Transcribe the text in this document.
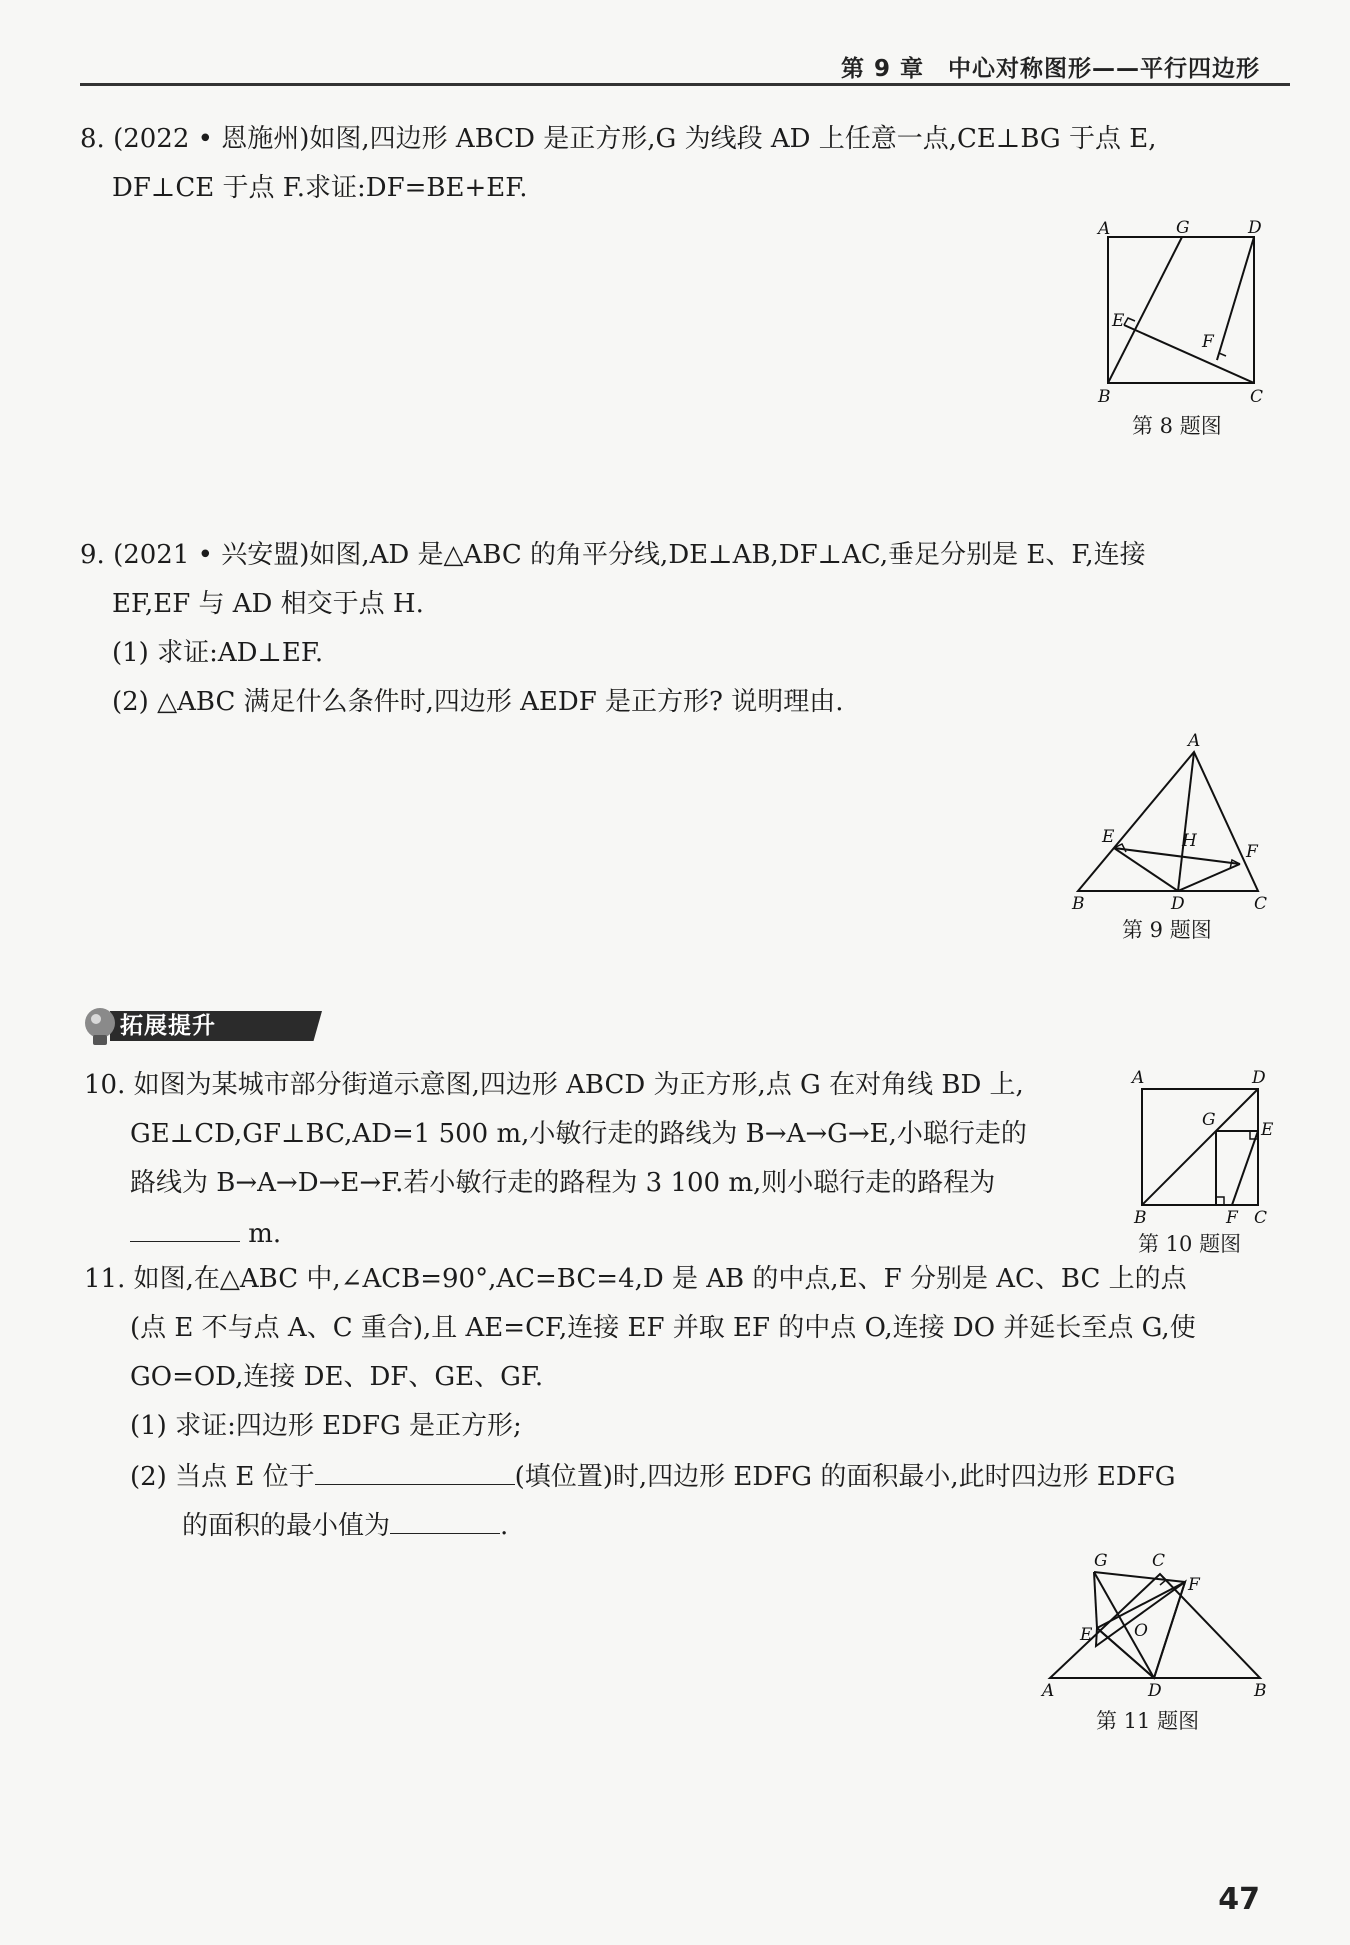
第 9 章　中心对称图形——平行四边形
8. (2022 • 恩施州)如图,四边形 ABCD 是正方形,G 为线段 AD 上任意一点,CE⊥BG 于点 E,
DF⊥CE 于点 F.求证:DF=BE+EF.
A	G	D
E
F
B	C
第 8 题图
9. (2021 • 兴安盟)如图,AD 是△ABC 的角平分线,DE⊥AB,DF⊥AC,垂足分别是 E、F,连接
EF,EF 与 AD 相交于点 H.
(1) 求证:AD⊥EF.
(2) △ABC 满足什么条件时,四边形 AEDF 是正方形? 说明理由.
A
E	H
F
B	D	C
第 9 题图
拓展提升
10. 如图为某城市部分街道示意图,四边形 ABCD 为正方形,点 G 在对角线 BD 上,
GE⊥CD,GF⊥BC,AD=1 500 m,小敏行走的路线为 B→A→G→E,小聪行走的
路线为 B→A→D→E→F.若小敏行走的路程为 3 100 m,则小聪行走的路程为
m.
A	D
G	E
B	F C
第 10 题图
11. 如图,在△ABC 中,∠ACB=90°,AC=BC=4,D 是 AB 的中点,E、F 分别是 AC、BC 上的点
(点 E 不与点 A、C 重合),且 AE=CF,连接 EF 并取 EF 的中点 O,连接 DO 并延长至点 G,使
GO=OD,连接 DE、DF、GE、GF.
(1) 求证:四边形 EDFG 是正方形;
(2) 当点 E 位于	(填位置)时,四边形 EDFG 的面积最小,此时四边形 EDFG
的面积的最小值为	.
G	C
F
E O
A	D	B
第 11 题图
47
